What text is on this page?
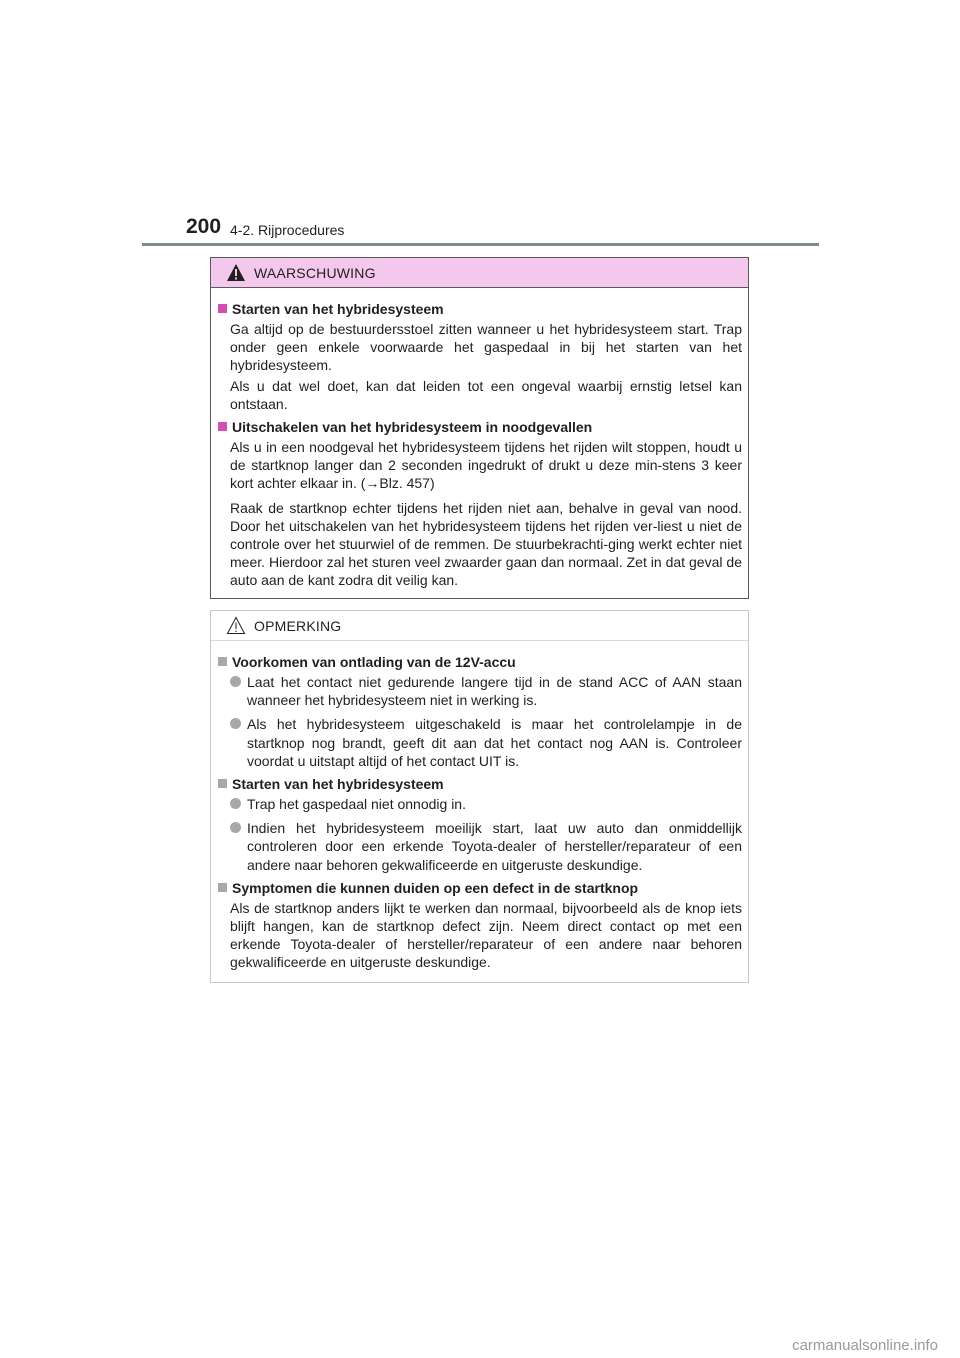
200 4-2. Rijprocedures
WAARSCHUWING
Starten van het hybridesysteem
Ga altijd op de bestuurdersstoel zitten wanneer u het hybridesysteem start. Trap onder geen enkele voorwaarde het gaspedaal in bij het starten van het hybridesysteem.
Als u dat wel doet, kan dat leiden tot een ongeval waarbij ernstig letsel kan ontstaan.
Uitschakelen van het hybridesysteem in noodgevallen
Als u in een noodgeval het hybridesysteem tijdens het rijden wilt stoppen, houdt u de startknop langer dan 2 seconden ingedrukt of drukt u deze min-stens 3 keer kort achter elkaar in. (→Blz. 457)
Raak de startknop echter tijdens het rijden niet aan, behalve in geval van nood. Door het uitschakelen van het hybridesysteem tijdens het rijden ver-liest u niet de controle over het stuurwiel of de remmen. De stuurbekrachti-ging werkt echter niet meer. Hierdoor zal het sturen veel zwaarder gaan dan normaal. Zet in dat geval de auto aan de kant zodra dit veilig kan.
OPMERKING
Voorkomen van ontlading van de 12V-accu
Laat het contact niet gedurende langere tijd in de stand ACC of AAN staan wanneer het hybridesysteem niet in werking is.
Als het hybridesysteem uitgeschakeld is maar het controlelampje in de startknop nog brandt, geeft dit aan dat het contact nog AAN is. Controleer voordat u uitstapt altijd of het contact UIT is.
Starten van het hybridesysteem
Trap het gaspedaal niet onnodig in.
Indien het hybridesysteem moeilijk start, laat uw auto dan onmiddellijk controleren door een erkende Toyota-dealer of hersteller/reparateur of een andere naar behoren gekwalificeerde en uitgeruste deskundige.
Symptomen die kunnen duiden op een defect in de startknop
Als de startknop anders lijkt te werken dan normaal, bijvoorbeeld als de knop iets blijft hangen, kan de startknop defect zijn. Neem direct contact op met een erkende Toyota-dealer of hersteller/reparateur of een andere naar behoren gekwalificeerde en uitgeruste deskundige.
carmanualsonline.info
